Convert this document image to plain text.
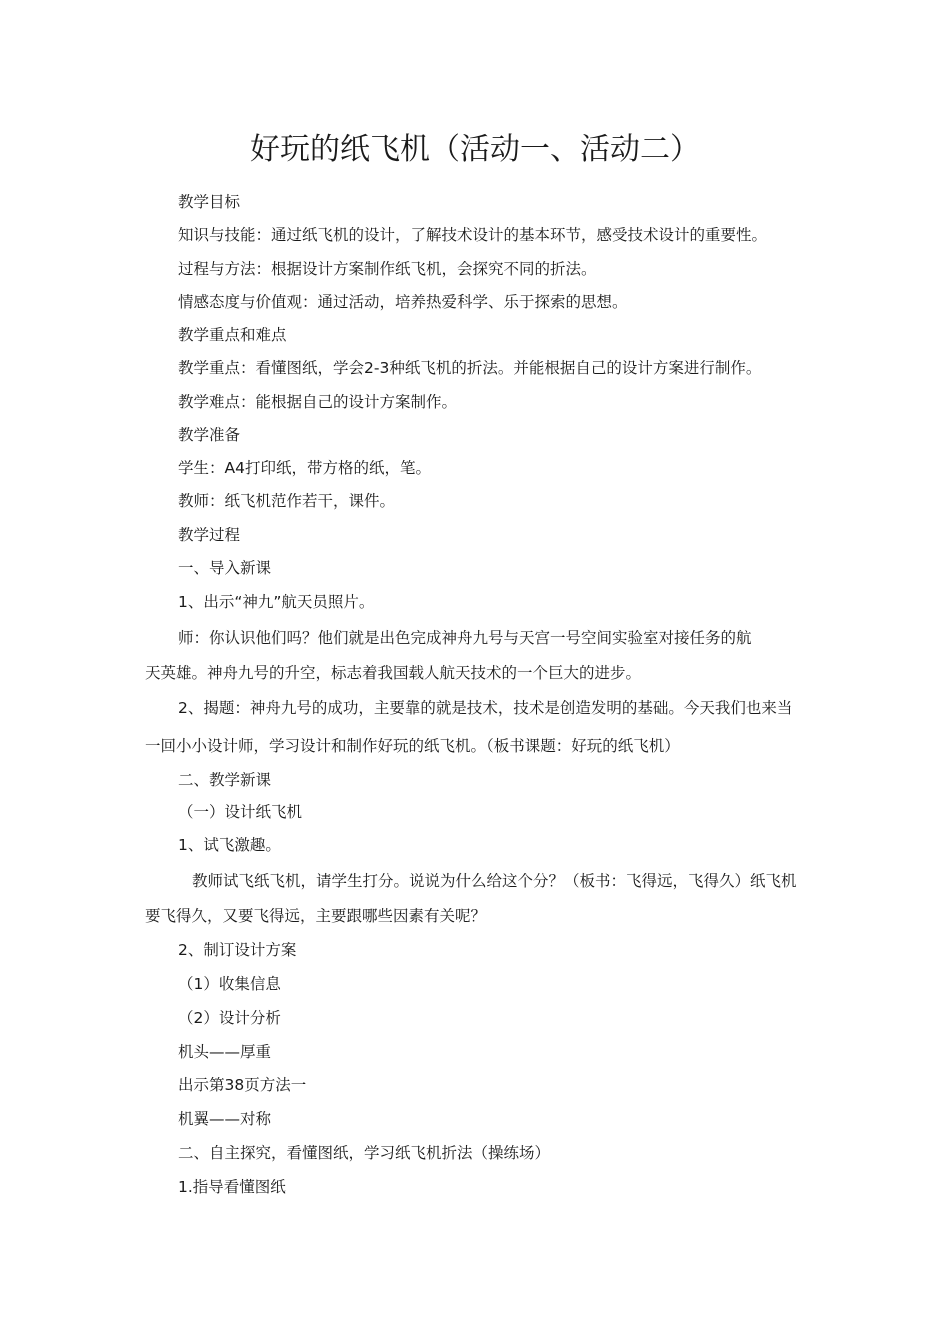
好玩的纸飞机（活动一、活动二）
教学目标
知识与技能：通过纸飞机的设计，了解技术设计的基本环节，感受技术设计的重要性。
过程与方法：根据设计方案制作纸飞机，会探究不同的折法。
情感态度与价值观：通过活动，培养热爱科学、乐于探索的思想。
教学重点和难点
教学重点：看懂图纸，学会2-3种纸飞机的折法。并能根据自己的设计方案进行制作。
教学难点：能根据自己的设计方案制作。
教学准备
学生：A4打印纸，带方格的纸，笔。
教师：纸飞机范作若干，课件。
教学过程
一、导入新课
1、出示“神九”航天员照片。
师：你认识他们吗？他们就是出色完成神舟九号与天宫一号空间实验室对接任务的航
天英雄。神舟九号的升空，标志着我国载人航天技术的一个巨大的进步。
2、揭题：神舟九号的成功，主要靠的就是技术，技术是创造发明的基础。今天我们也来当
一回小小设计师，学习设计和制作好玩的纸飞机。（板书课题：好玩的纸飞机）
二、教学新课
（一）设计纸飞机
1、试飞激趣。
教师试飞纸飞机，请学生打分。说说为什么给这个分？（板书：飞得远，飞得久）纸飞机
要飞得久，又要飞得远，主要跟哪些因素有关呢？
2、制订设计方案
（1）收集信息
（2）设计分析
机头——厚重
出示第38页方法一
机翼——对称
二、自主探究，看懂图纸，学习纸飞机折法（操练场）
1.指导看懂图纸
